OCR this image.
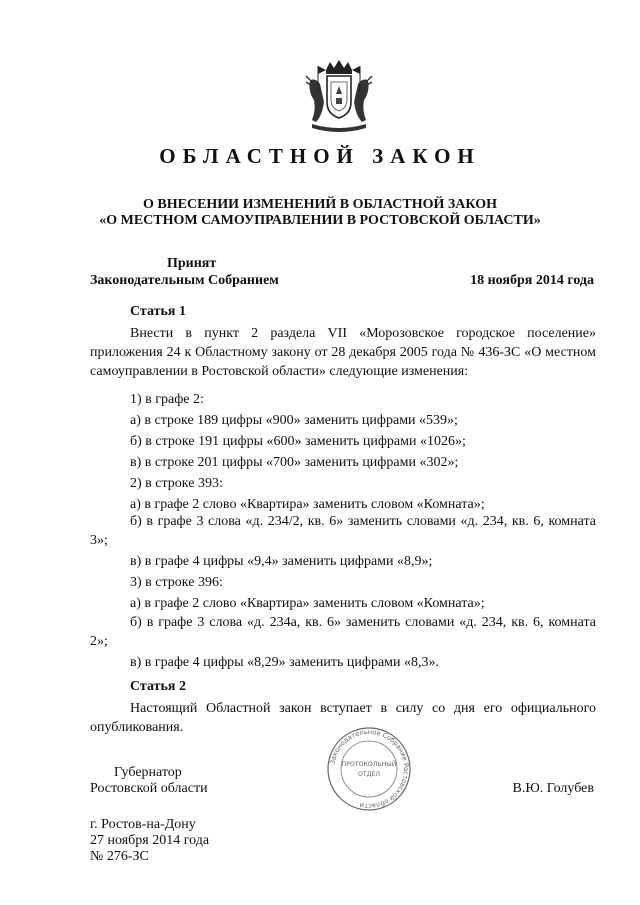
ОБЛАСТНОЙ ЗАКОН
О ВНЕСЕНИИ ИЗМЕНЕНИЙ В ОБЛАСТНОЙ ЗАКОН
«О МЕСТНОМ САМОУПРАВЛЕНИИ В РОСТОВСКОЙ ОБЛАСТИ»
Принят
Законодательным Собранием	18 ноября 2014 года
Статья 1
Внести в пункт 2 раздела VII «Морозовское городское поселение» приложения 24 к Областному закону от 28 декабря 2005 года № 436-ЗС «О местном самоуправлении в Ростовской области» следующие изменения:
1) в графе 2:
а) в строке 189 цифры «900» заменить цифрами «539»;
б) в строке 191 цифры «600» заменить цифрами «1026»;
в) в строке 201 цифры «700» заменить цифрами «302»;
2) в строке 393:
а) в графе 2 слово «Квартира» заменить словом «Комната»;
б) в графе 3 слова «д. 234/2, кв. 6» заменить словами «д. 234, кв. 6, комната 3»;
в) в графе 4 цифры «9,4» заменить цифрами «8,9»;
3) в строке 396:
а) в графе 2 слово «Квартира» заменить словом «Комната»;
б) в графе 3 слова «д. 234а, кв. 6» заменить словами «д. 234, кв. 6, комната 2»;
в) в графе 4 цифры «8,29» заменить цифрами «8,3».
Статья 2
Настоящий Областной закон вступает в силу со дня его официального опубликования.
Губернатор
Ростовской области	В.Ю. Голубев
Законодательное Собрание Ростовской области
ПРОТОКОЛЬНЫЙ
ОТДЕЛ
г. Ростов-на-Дону
27 ноября 2014 года
№ 276-ЗС
